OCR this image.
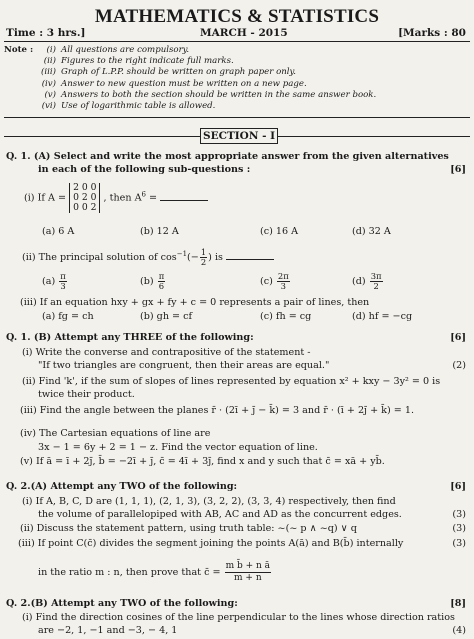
MATHEMATICS & STATISTICS
Time : 3 hrs.]	MARCH - 2015	[Marks : 80
Note : (i) All questions are compulsory.
(ii) Figures to the right indicate full marks.
(iii) Graph of L.P.P. should be written on graph paper only.
(iv) Answer to new question must be written on a new page.
(v) Answers to both the section should be written in the same answer book.
(vi) Use of logarithmic table is allowed.
SECTION - I
Q. 1. (A) Select and write the most appropriate answer from the given alternatives
in each of the following sub-questions :	[6]
(i) If A =
2 0 0
0 2 0
0 0 2
, then $A^6$ =
(a) 6 A	(b) 12 A	(c) 16 A	(d) 32 A
(ii) The principal solution of $\cos^{-1}(- \frac{1}{2}$ ) is
$(a) \frac{\pi}{3}$	$(b) \frac{\pi}{6}$	$(c) \frac{2\pi}{3}$	$(d) \frac{3\pi}{2}$
(iii) If an equation hxy + gx + fy + c = 0 represents a pair of lines, then
(a) fg = ch	(b) gh = cf	(c) fh = cg	(d) hf = −cg
Q. 1. (B) Attempt any THREE of the following:	[6]
(i) Write the converse and contrapositive of the statement -
"If two triangles are congruent, then their areas are equal."	(2)
(ii) Find 'k', if the sum of slopes of lines represented by equation x² + kxy − 3y² = 0 is
twice their product.
(iii) Find the angle between the planes r̄ · (2ī + j̄ − k̄) = 3 and r̄ · (ī + 2j̄ + k̄) = 1.
(iv) The Cartesian equations of line are
3x − 1 = 6y + 2 = 1 − z. Find the vector equation of line.
(v) If ā = ī + 2j̄, b̄ = −2ī + j̄, c̄ = 4ī + 3j̄, find x and y such that c̄ = xā + yb̄.
Q. 2.(A) Attempt any TWO of the following:	[6]
(i) If A, B, C, D are (1, 1, 1), (2, 1, 3), (3, 2, 2), (3, 3, 4) respectively, then find
the volume of parallelopiped with AB, AC and AD as the concurrent edges.	(3)
(ii) Discuss the statement pattern, using truth table: ~(~ p ∧ ~q) ∨ q	(3)
(iii) If point C(c̄) divides the segment joining the points A(ā) and B(b̄) internally	(3)
in the ratio m : n, then prove that c̄ = $\frac{\text{m b̄ + n ā}}{m + n}$
Q. 2.(B) Attempt any TWO of the following:	[8]
(i) Find the direction cosines of the line perpendicular to the lines whose direction ratios
are −2, 1, −1 and −3, − 4, 1	(4)
